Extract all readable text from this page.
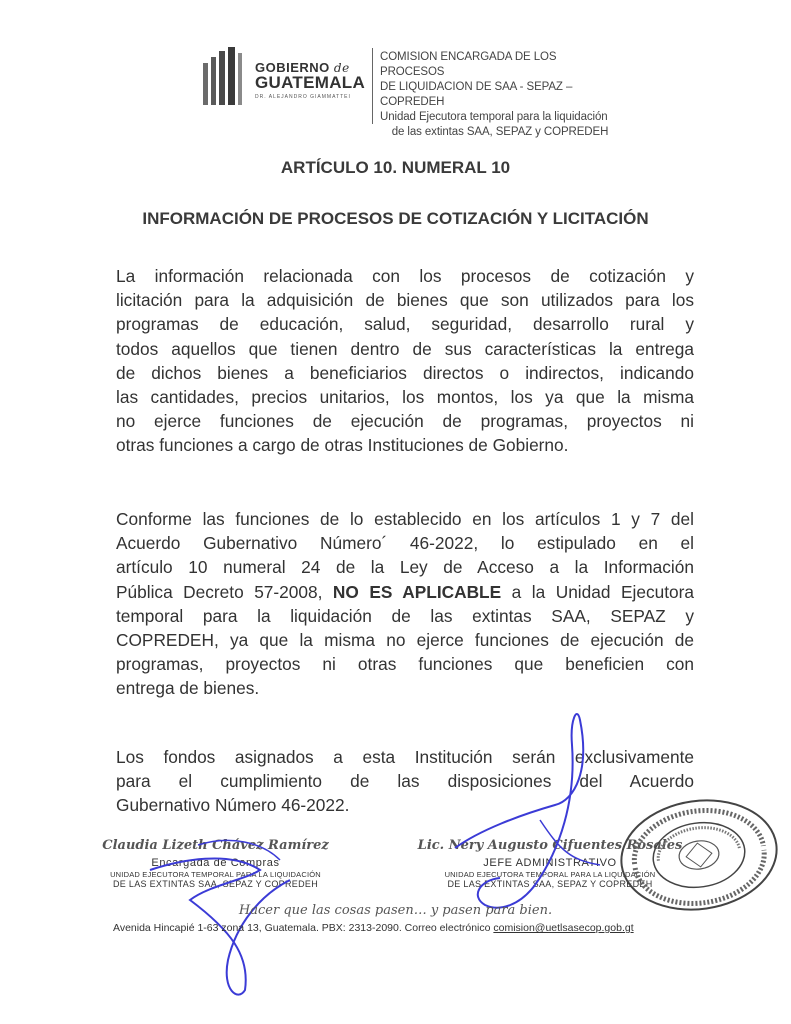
GOBIERNO de
GUATEMALA
DR. ALEJANDRO GIAMMATTEI
COMISION ENCARGADA DE LOS PROCESOS
DE LIQUIDACION DE SAA - SEPAZ – COPREDEH
Unidad Ejecutora temporal para la liquidación
de las extintas SAA, SEPAZ y COPREDEH
ARTÍCULO 10. NUMERAL 10
INFORMACIÓN DE PROCESOS DE COTIZACIÓN Y LICITACIÓN
La información relacionada con los procesos de cotización y
licitación para la adquisición de bienes que son utilizados para los
programas de educación, salud, seguridad, desarrollo rural y
todos aquellos que tienen dentro de sus características la entrega
de dichos bienes a beneficiarios directos o indirectos, indicando
las cantidades, precios unitarios, los montos, los ya que la misma
no ejerce funciones de ejecución de programas, proyectos ni
otras funciones a cargo de otras Instituciones de Gobierno.
Conforme las funciones de lo establecido en los artículos 1 y 7 del
Acuerdo Gubernativo Número´ 46-2022, lo estipulado en el
artículo 10 numeral 24 de la Ley de Acceso a la Información
Pública Decreto 57-2008, NO ES APLICABLE a la Unidad Ejecutora
temporal para la liquidación de las extintas SAA, SEPAZ y
COPREDEH, ya que la misma no ejerce funciones de ejecución de
programas, proyectos ni otras funciones que beneficien con
entrega de bienes.
Los fondos asignados a esta Institución serán exclusivamente
para el cumplimiento de las disposiciones del Acuerdo
Gubernativo Número 46-2022.
Claudia Lizeth Chávez Ramírez
Encargada de Compras
UNIDAD EJECUTORA TEMPORAL PARA LA LIQUIDACIÓN
DE LAS EXTINTAS SAA, SEPAZ Y COPREDEH
Lic. Nery Augusto Cifuentes Rosales
JEFE ADMINISTRATIVO
UNIDAD EJECUTORA TEMPORAL PARA LA LIQUIDACIÓN
DE LAS EXTINTAS SAA, SEPAZ Y COPREDEH
Hacer que las cosas pasen… y pasen para bien.
Avenida Hincapié 1-63 zona 13, Guatemala. PBX: 2313-2090. Correo electrónico comision@uetlsasecop.gob.gt
